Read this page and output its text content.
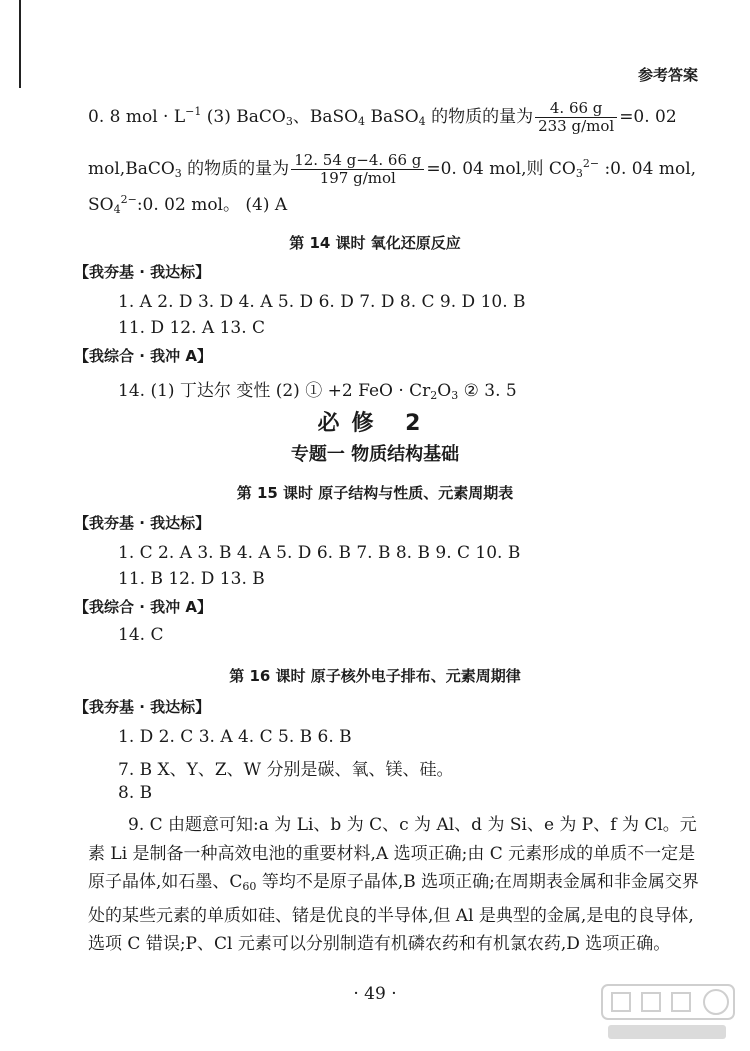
参考答案
0. 8 mol · $L^{-1}$ (3) BaCO$_3$、BaSO$_4$ BaSO$_4$ 的物质的量为 $\frac{4. 66 g}{\text{233 g/mol}} =0$. 02
mol,BaCO$_3$ 的物质的量为 $\frac{12. 54 g-4. 66 g}{\text{197 g/mol}} =0$. 04 mol,则 $CO_3^{2-}$ :0. 04 mol,
$SO_4^{2-}:0$. 02 mol。 (4) A
第 14 课时 氧化还原反应
【我夯基 · 我达标】
1. A 2. D 3. D 4. A 5. D 6. D 7. D 8. C 9. D 10. B
11. D 12. A 13. C
【我综合 · 我冲 A】
14. (1) 丁达尔 变性 (2) ① +2 FeO · $Cr_2O_3$ ② 3. 5
必修 2
专题一 物质结构基础
第 15 课时 原子结构与性质、元素周期表
【我夯基 · 我达标】
1. C 2. A 3. B 4. A 5. D 6. B 7. B 8. B 9. C 10. B
11. B 12. D 13. B
【我综合 · 我冲 A】
14. C
第 16 课时 原子核外电子排布、元素周期律
【我夯基 · 我达标】
1. D 2. C 3. A 4. C 5. B 6. B
7. B X、Y、Z、W 分别是碳、氧、镁、硅。
8. B
9. C 由题意可知:a 为 Li、b 为 C、c 为 Al、d 为 Si、e 为 P、f 为 Cl。元素 Li 是制备一种高效电池的重要材料,A 选项正确;由 C 元素形成的单质不一定是原子晶体,如石墨、$C_{60}$ 等均不是原子晶体,B 选项正确;在周期表金属和非金属交界处的某些元素的单质如硅、锗是优良的半导体,但 Al 是典型的金属,是电的良导体,选项 C 错误;P、Cl 元素可以分别制造有机磷农药和有机氯农药,D 选项正确。
· 49 ·
